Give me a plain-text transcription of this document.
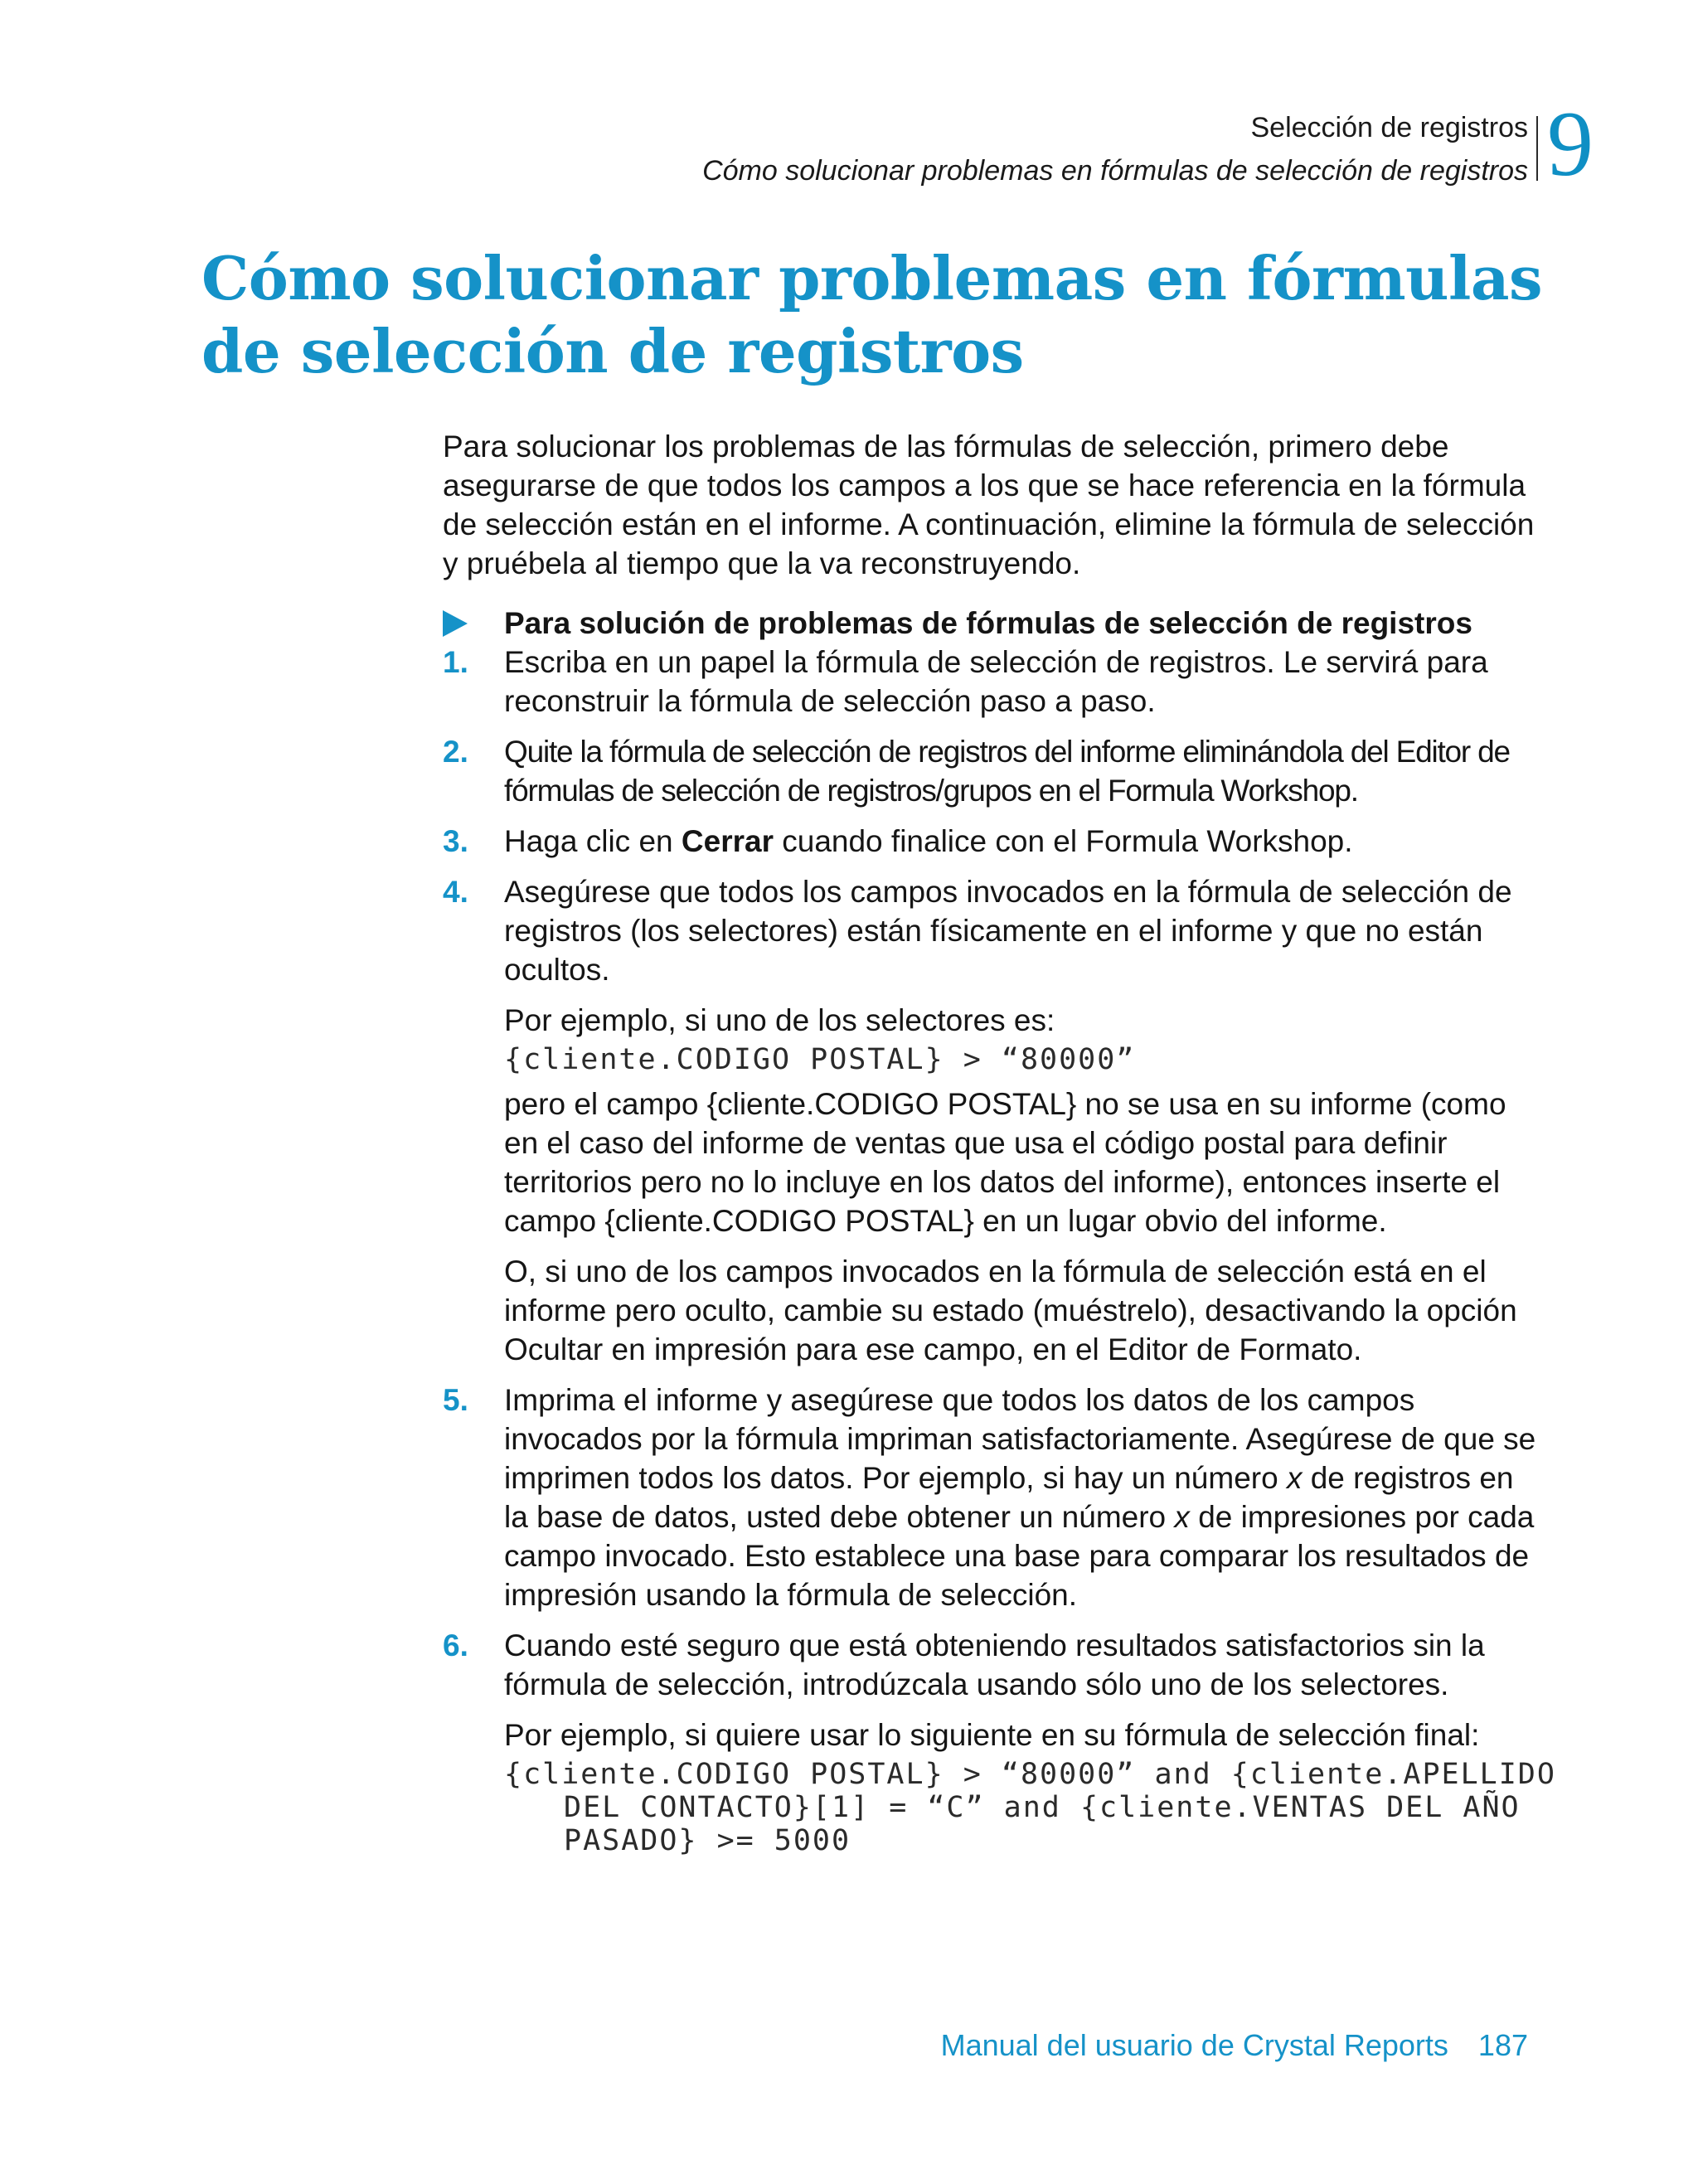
Selección de registros
Cómo solucionar problemas en fórmulas de selección de registros 9
Cómo solucionar problemas en fórmulas de selección de registros

Para solucionar los problemas de las fórmulas de selección, primero debe asegurarse de que todos los campos a los que se hace referencia en la fórmula de selección están en el informe. A continuación, elimine la fórmula de selección y pruébela al tiempo que la va reconstruyendo.

Para solución de problemas de fórmulas de selección de registros

1. Escriba en un papel la fórmula de selección de registros. Le servirá para reconstruir la fórmula de selección paso a paso.
2. Quite la fórmula de selección de registros del informe eliminándola del Editor de fórmulas de selección de registros/grupos en el Formula Workshop.
3. Haga clic en Cerrar cuando finalice con el Formula Workshop.
4. Asegúrese que todos los campos invocados en la fórmula de selección de registros (los selectores) están físicamente en el informe y que no están ocultos.

Por ejemplo, si uno de los selectores es:

{cliente.CODIGO POSTAL} > “80000”

pero el campo {cliente.CODIGO POSTAL} no se usa en su informe (como en el caso del informe de ventas que usa el código postal para definir territorios pero no lo incluye en los datos del informe), entonces inserte el campo {cliente.CODIGO POSTAL} en un lugar obvio del informe.

O, si uno de los campos invocados en la fórmula de selección está en el informe pero oculto, cambie su estado (muéstrelo), desactivando la opción Ocultar en impresión para ese campo, en el Editor de Formato.

5. Imprima el informe y asegúrese que todos los datos de los campos invocados por la fórmula impriman satisfactoriamente. Asegúrese de que se imprimen todos los datos. Por ejemplo, si hay un número x de registros en la base de datos, usted debe obtener un número x de impresiones por cada campo invocado. Esto establece una base para comparar los resultados de impresión usando la fórmula de selección.
6. Cuando esté seguro que está obteniendo resultados satisfactorios sin la fórmula de selección, introdúzcala usando sólo uno de los selectores.

Por ejemplo, si quiere usar lo siguiente en su fórmula de selección final:

{cliente.CODIGO POSTAL} > “80000” and {cliente.APELLIDO

DEL CONTACTO}[1] = “C” and {cliente.VENTAS DEL AÑO
PASADO} >= 5000

Manual del usuario de Crystal Reports 187
